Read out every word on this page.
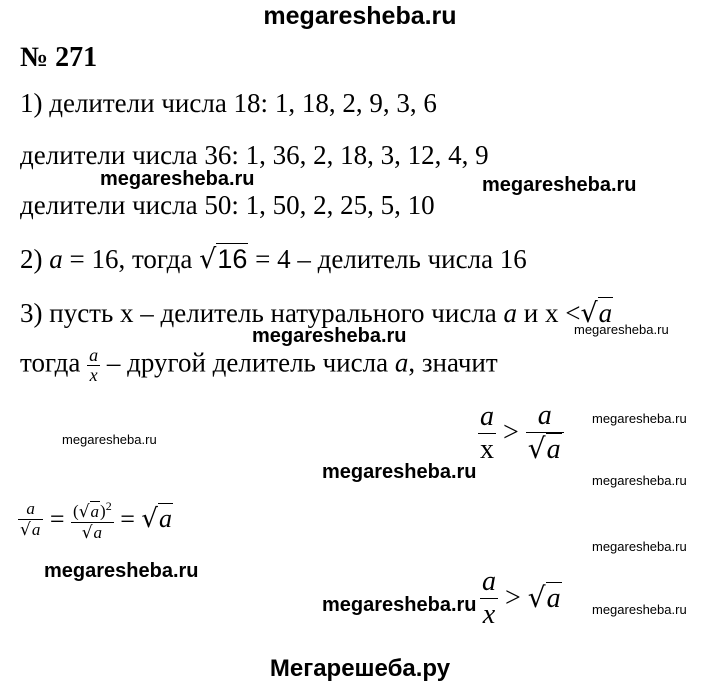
megaresheba.ru
№ 271
1) делители числа 18: 1, 18, 2, 9, 3, 6
делители числа 36: 1, 36, 2, 18, 3, 12, 4, 9
делители числа 50: 1, 50, 2, 25, 5, 10
2) a = 16, тогда √16 = 4 – делитель числа 16
3) пусть x – делитель натурального числа a и x <√a
тогда $\frac{a}{x}$ – другой делитель числа a, значит
$\frac{a}{x} > \frac{a}{√a}$
$\frac{a}{√a} = \frac{(√a)^2}{√a} = √a$
$\frac{a}{x} > √a$
megaresheba.ru	megaresheba.ru
megaresheba.ru	megaresheba.ru
megaresheba.ru
megaresheba.ru
megaresheba.ru	megaresheba.ru
megaresheba.ru
megaresheba.ru
megaresheba.ru	megaresheba.ru
Мегарешеба.ру
